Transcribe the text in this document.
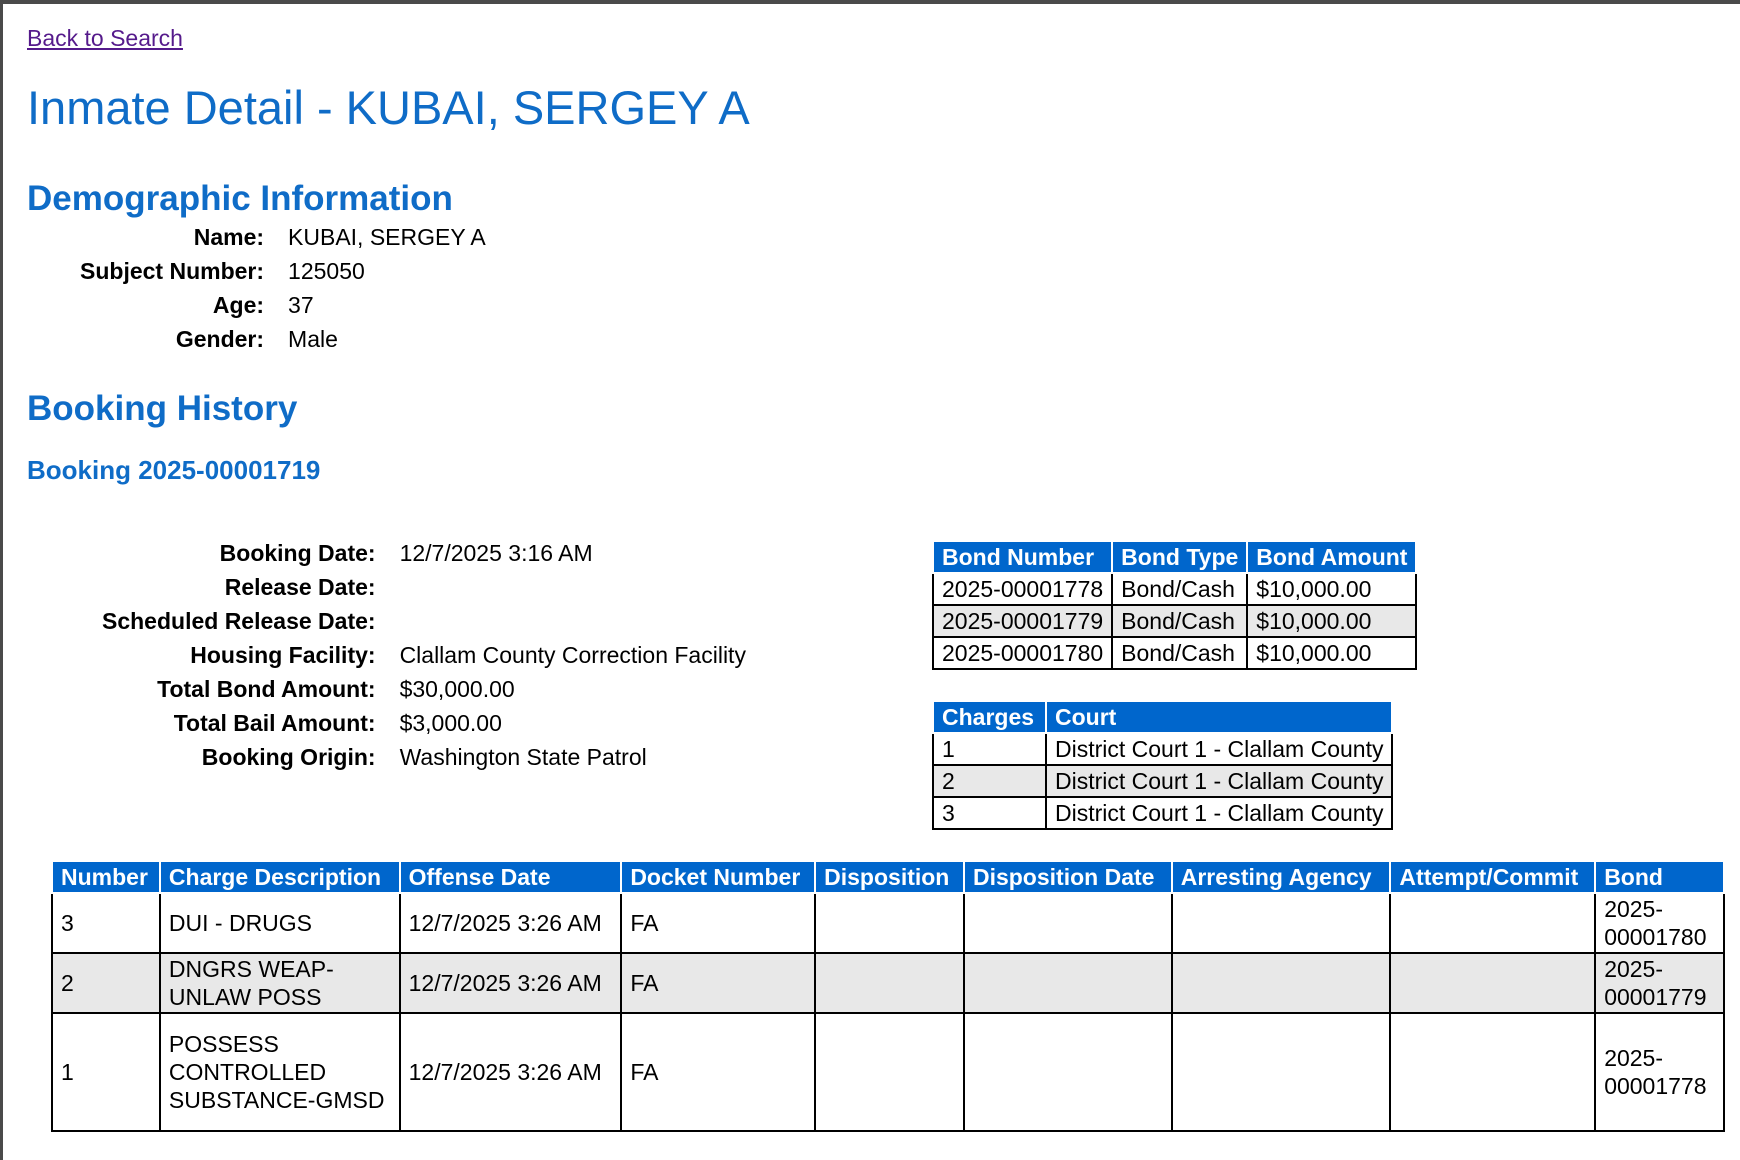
Back to Search
Inmate Detail - KUBAI, SERGEY A
Demographic Information
Booking History
Booking 2025-00001719
Name:	KUBAI, SERGEY A
Subject Number:	125050
Age:	37
Gender:	Male
Booking Date:	12/7/2025 3:16 AM
Release Date:	
Scheduled Release Date:	
Housing Facility:	Clallam County Correction Facility
Total Bond Amount:	$30,000.00
Total Bail Amount:	$3,000.00
Booking Origin:	Washington State Patrol
Bond Number	Bond Type	Bond Amount
2025-00001778	Bond/Cash	$10,000.00
2025-00001779	Bond/Cash	$10,000.00
2025-00001780	Bond/Cash	$10,000.00
Charges	Court
1	District Court 1 - Clallam County
2	District Court 1 - Clallam County
3	District Court 1 - Clallam County
Number	Charge Description	Offense Date	Docket Number	Disposition	Disposition Date	Arresting Agency	Attempt/Commit	Bond
3	DUI - DRUGS	12/7/2025 3:26 AM	FA					2025-00001780
2	DNGRS WEAP-UNLAW POSS	12/7/2025 3:26 AM	FA					2025-00001779
1	POSSESS CONTROLLED SUBSTANCE-GMSD	12/7/2025 3:26 AM	FA					2025-00001778
